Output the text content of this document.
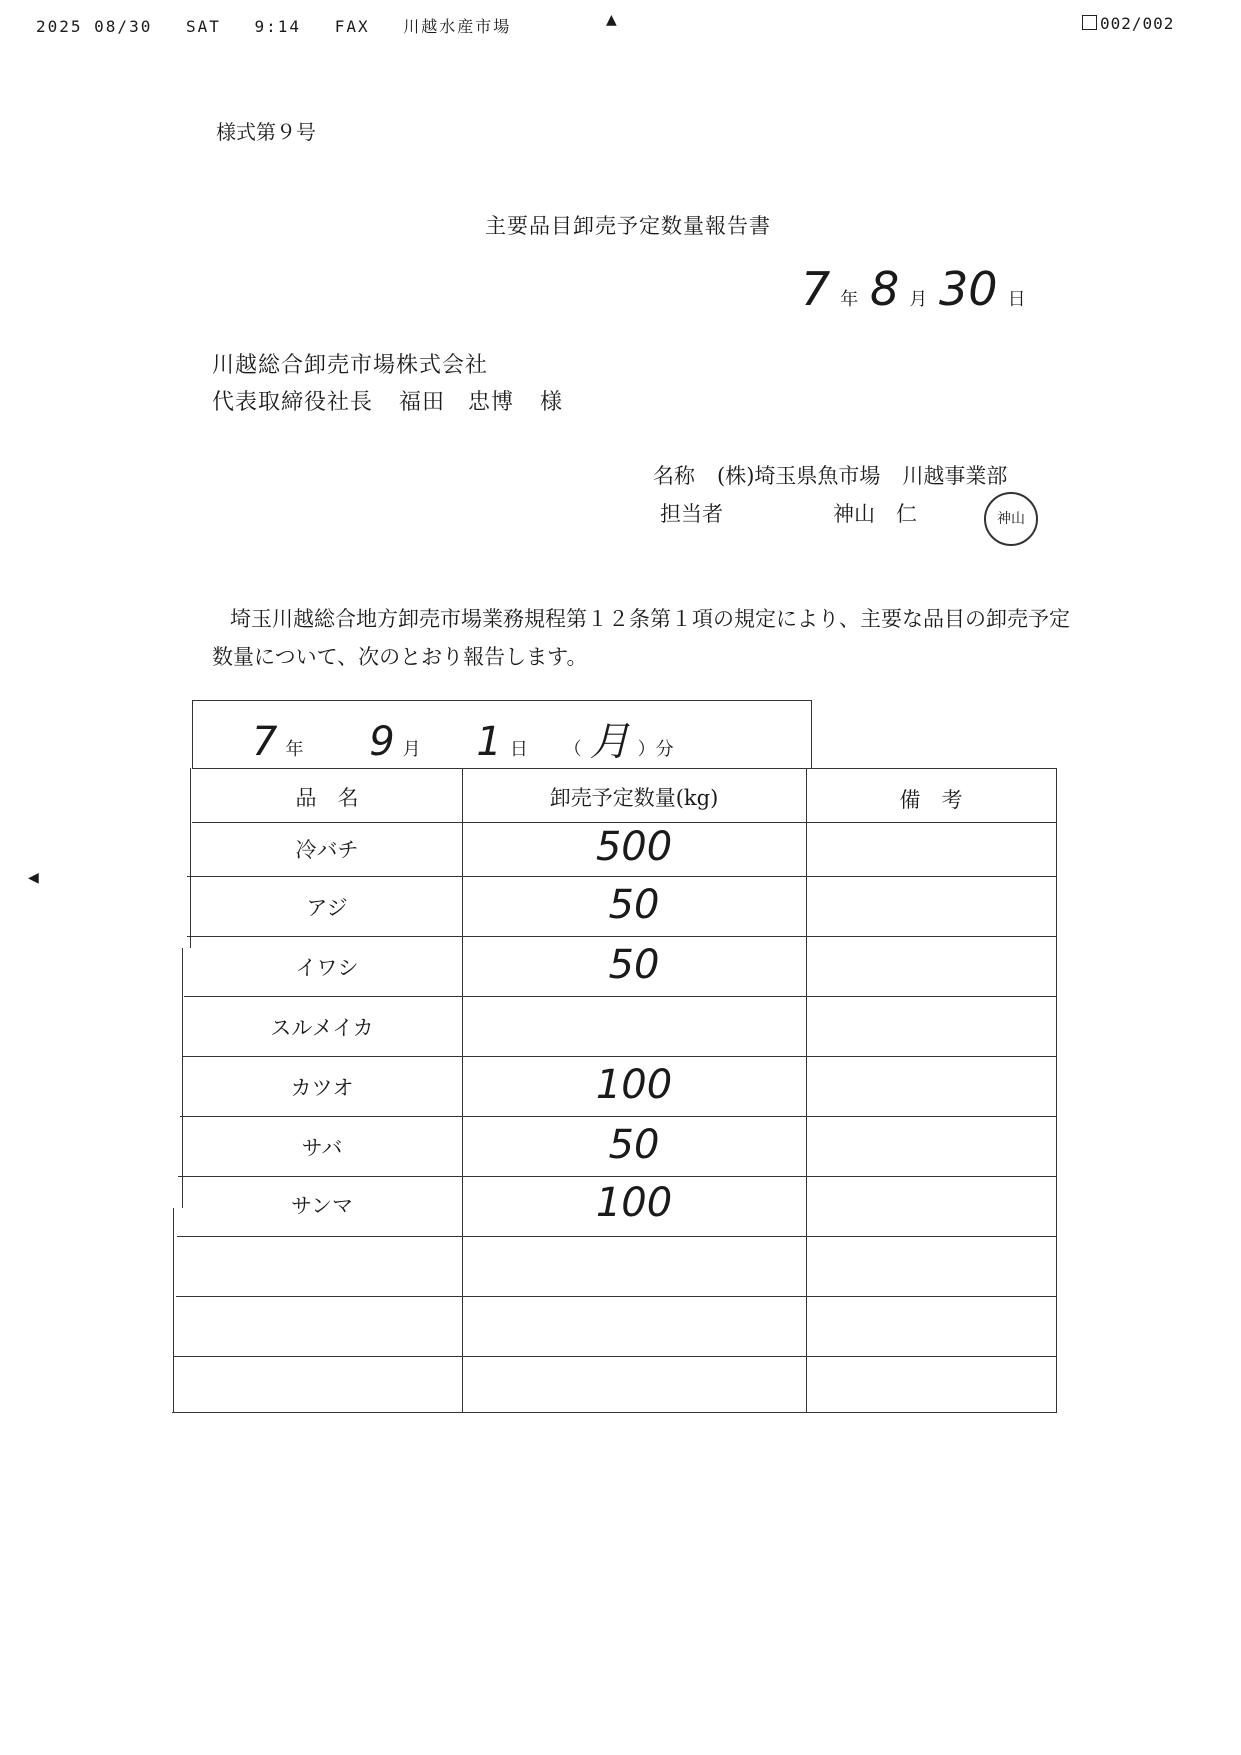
2025 08/30 SAT 9:14 FAX 川越水産市場	▲	002/002
様式第９号
主要品目卸売予定数量報告書
7 年 8 月 30 日
川越総合卸売市場株式会社
代表取締役社長 福田　忠博 様
名称 (株)埼玉県魚市場 川越事業部
担当者	神山　仁	神山
埼玉川越総合地方卸売市場業務規程第１２条第１項の規定により、主要な品目の卸売予定数量について、次のとおり報告します。
◀
7 年 9 月 1 日 （ 月 ）分
品　名	卸売予定数量(kg)	備　考
冷バチ	500
アジ	50
イワシ	50
スルメイカ
カツオ	100
サバ	50
サンマ	100
